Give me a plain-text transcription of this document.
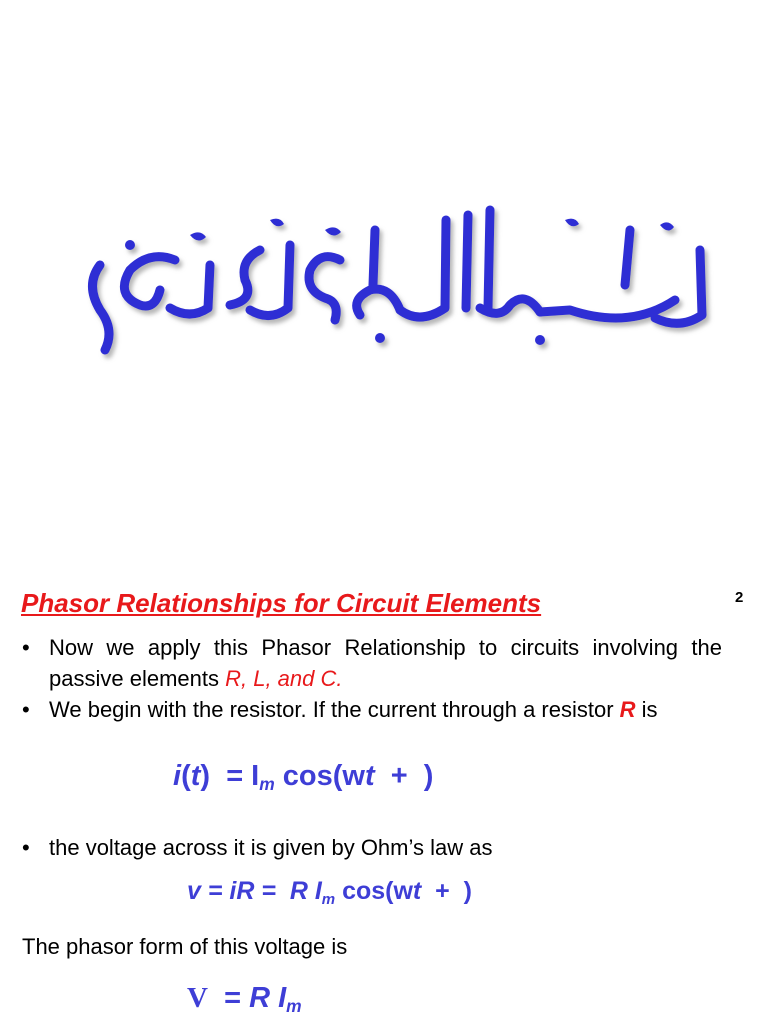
Phasor Relationships for Circuit Elements	2
• Now we apply this Phasor Relationship to circuits involving the passive elements R, L, and C.
• We begin with the resistor. If the current through a resistor R is
$i(t) = I_m$ cos(wt  +  )
• the voltage across it is given by Ohm’s law as
v = iR =  R $I_m$ cos(wt  +  )
The phasor form of this voltage is
V  = R $I_m$
